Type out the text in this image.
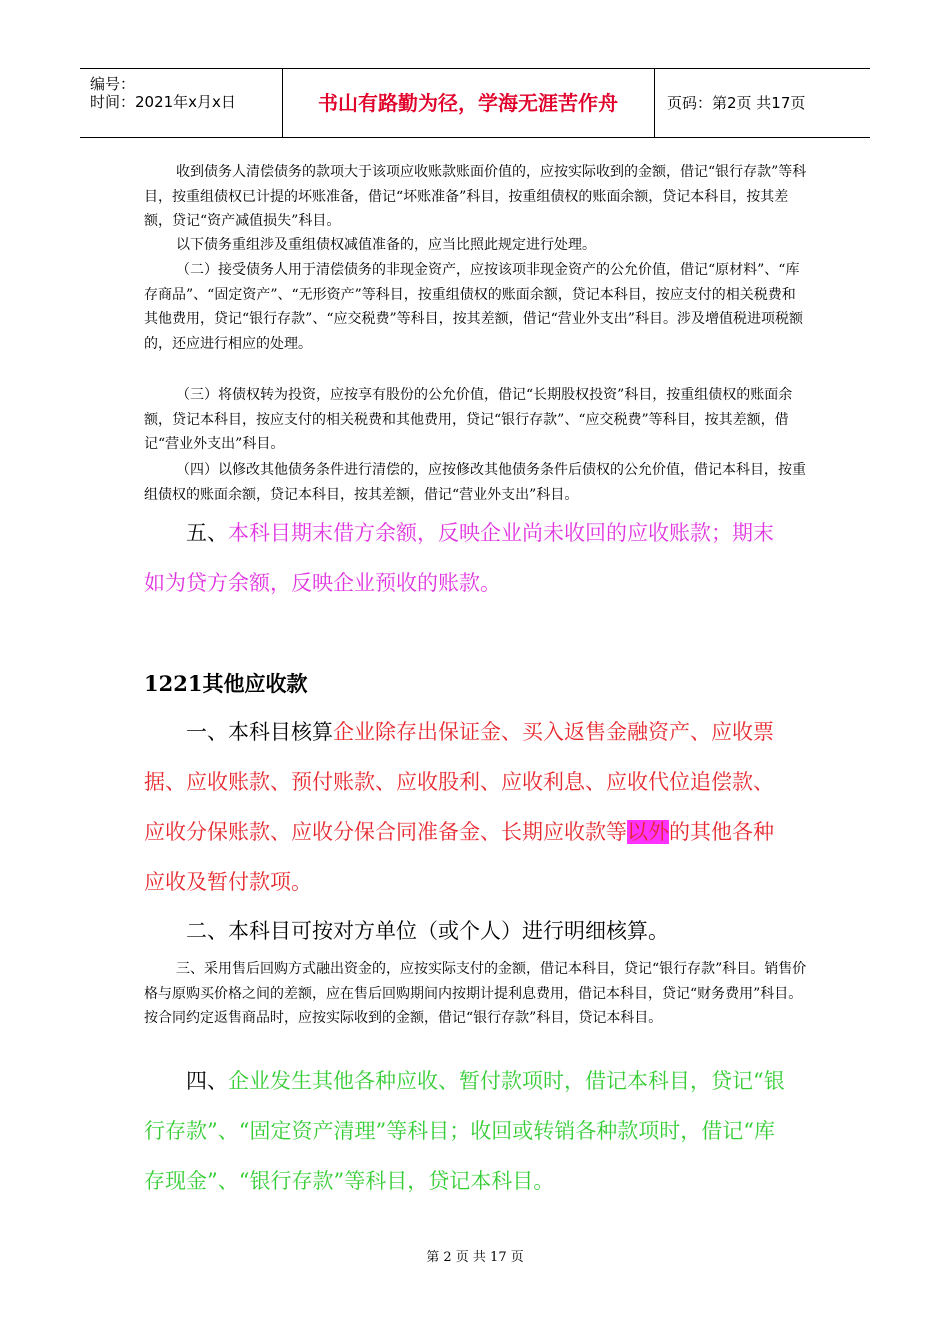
编号：
时间：2021年x月x日	书山有路勤为径，学海无涯苦作舟	页码：第2页 共17页
收到债务人清偿债务的款项大于该项应收账款账面价值的，应按实际收到的金额，借记“银行存款”等科目，按重组债权已计提的坏账准备，借记“坏账准备”科目，按重组债权的账面余额，贷记本科目，按其差额，贷记“资产减值损失”科目。
以下债务重组涉及重组债权减值准备的，应当比照此规定进行处理。
（二）接受债务人用于清偿债务的非现金资产，应按该项非现金资产的公允价值，借记“原材料”、“库存商品”、“固定资产”、“无形资产”等科目，按重组债权的账面余额，贷记本科目，按应支付的相关税费和其他费用，贷记“银行存款”、“应交税费”等科目，按其差额，借记“营业外支出”科目。涉及增值税进项税额的，还应进行相应的处理。
（三）将债权转为投资，应按享有股份的公允价值，借记“长期股权投资”科目，按重组债权的账面余额，贷记本科目，按应支付的相关税费和其他费用，贷记“银行存款”、“应交税费”等科目，按其差额，借记“营业外支出”科目。
（四）以修改其他债务条件进行清偿的，应按修改其他债务条件后债权的公允价值，借记本科目，按重组债权的账面余额，贷记本科目，按其差额，借记“营业外支出”科目。
五、本科目期末借方余额，反映企业尚未收回的应收账款；期末如为贷方余额，反映企业预收的账款。
1221其他应收款
一、本科目核算企业除存出保证金、买入返售金融资产、应收票据、应收账款、预付账款、应收股利、应收利息、应收代位追偿款、应收分保账款、应收分保合同准备金、长期应收款等以外的其他各种应收及暂付款项。
二、本科目可按对方单位（或个人）进行明细核算。
三、采用售后回购方式融出资金的，应按实际支付的金额，借记本科目，贷记“银行存款”科目。销售价格与原购买价格之间的差额，应在售后回购期间内按期计提利息费用，借记本科目，贷记“财务费用”科目。按合同约定返售商品时，应按实际收到的金额，借记“银行存款”科目，贷记本科目。
四、企业发生其他各种应收、暂付款项时，借记本科目，贷记“银行存款”、“固定资产清理”等科目；收回或转销各种款项时，借记“库存现金”、“银行存款”等科目，贷记本科目。
第 2 页 共 17 页
